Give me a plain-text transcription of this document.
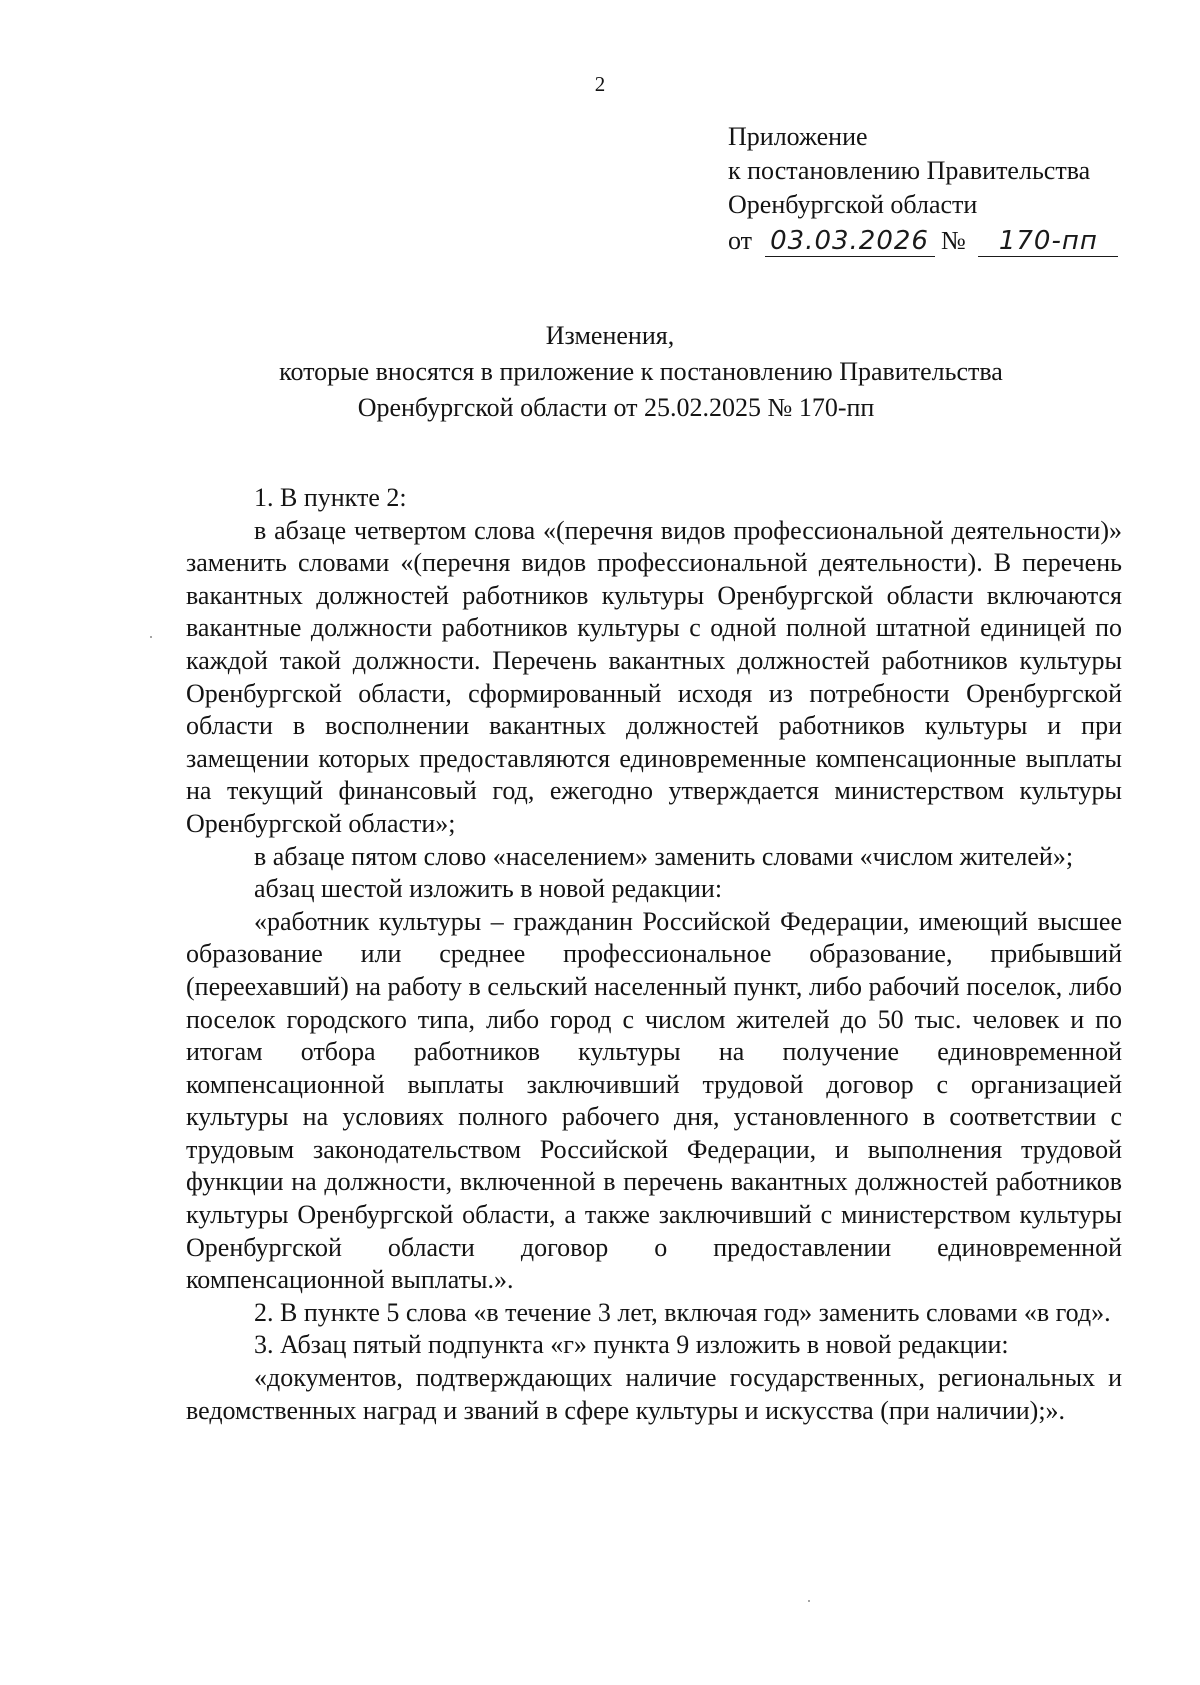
2
Приложение
к постановлению Правительства
Оренбургской области
от 03.03.2026 № 170-пп
Изменения,
которые вносятся в приложение к постановлению Правительства
Оренбургской области от 25.02.2025 № 170-пп

1. В пункте 2:

в абзаце четвертом слова «(перечня видов профессиональной деятельности)» заменить словами «(перечня видов профессиональной деятельности). В перечень вакантных должностей работников культуры Оренбургской области включаются вакантные должности работников культуры с одной полной штатной единицей по каждой такой должности. Перечень вакантных должностей работников культуры Оренбургской области, сформированный исходя из потребности Оренбургской области в восполнении вакантных должностей работников культуры и при замещении которых предоставляются единовременные компенсационные выплаты на текущий финансовый год, ежегодно утверждается министерством культуры Оренбургской области»;

в абзаце пятом слово «населением» заменить словами «числом жителей»;

абзац шестой изложить в новой редакции:

«работник культуры – гражданин Российской Федерации, имеющий высшее образование или среднее профессиональное образование, прибывший (переехавший) на работу в сельский населенный пункт, либо рабочий поселок, либо поселок городского типа, либо город с числом жителей до 50 тыс. человек и по итогам отбора работников культуры на получение единовременной компенсационной выплаты заключивший трудовой договор с организацией культуры на условиях полного рабочего дня, установленного в соответствии с трудовым законодательством Российской Федерации, и выполнения трудовой функции на должности, включенной в перечень вакантных должностей работников культуры Оренбургской области, а также заключивший с министерством культуры Оренбургской области договор о предоставлении единовременной компенсационной выплаты.».

2. В пункте 5 слова «в течение 3 лет, включая год» заменить словами «в год».

3. Абзац пятый подпункта «г» пункта 9 изложить в новой редакции:

«документов, подтверждающих наличие государственных, региональных и ведомственных наград и званий в сфере культуры и искусства (при наличии);».
